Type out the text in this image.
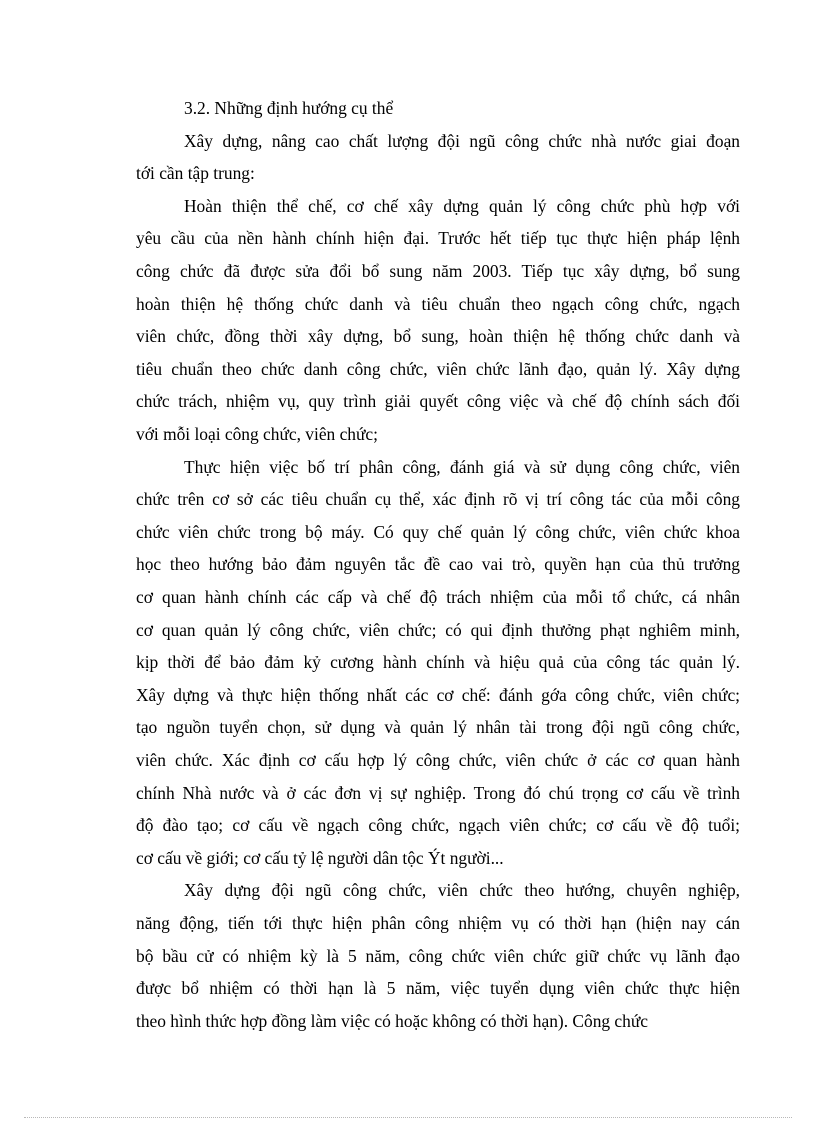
3.2. Những định hướng cụ thể
Xây dựng, nâng cao chất lượng đội ngũ công chức nhà nước giai đoạn
tới cần tập trung:
Hoàn thiện thể chế, cơ chế xây dựng quản lý công chức phù hợp với
yêu cầu của nền hành chính hiện đại. Trước hết tiếp tục thực hiện pháp lệnh
công chức đã được sửa đổi bổ sung năm 2003. Tiếp tục xây dựng, bổ sung
hoàn thiện hệ thống chức danh và tiêu chuẩn theo ngạch công chức, ngạch
viên chức, đồng thời xây dựng, bổ sung, hoàn thiện hệ thống chức danh và
tiêu chuẩn theo chức danh công chức, viên chức lãnh đạo, quản lý. Xây dựng
chức trách, nhiệm vụ, quy trình giải quyết công việc và chế độ chính sách đối
với mỗi loại công chức, viên chức;
Thực hiện việc bố trí phân công, đánh giá và sử dụng công chức, viên
chức trên cơ sở các tiêu chuẩn cụ thể, xác định rõ vị trí công tác của mỗi công
chức viên chức trong bộ máy. Có quy chế quản lý công chức, viên chức khoa
học theo hướng bảo đảm nguyên tắc đề cao vai trò, quyền hạn của thủ trưởng
cơ quan hành chính các cấp và chế độ trách nhiệm của mỗi tổ chức, cá nhân
cơ quan quản lý công chức, viên chức; có qui định thưởng phạt nghiêm minh,
kịp thời để bảo đảm kỷ cương hành chính và hiệu quả của công tác quản lý.
Xây dựng và thực hiện thống nhất các cơ chế: đánh gớa công chức, viên chức;
tạo nguồn tuyển chọn, sử dụng và quản lý nhân tài trong đội ngũ công chức,
viên chức. Xác định cơ cấu hợp lý công chức, viên chức ở các cơ quan hành
chính Nhà nước và ở các đơn vị sự nghiệp. Trong đó chú trọng cơ cấu về trình
độ đào tạo; cơ cấu về ngạch công chức, ngạch viên chức; cơ cấu về độ tuổi;
cơ cấu về giới; cơ cấu tỷ lệ người dân tộc Ýt người...
Xây dựng đội ngũ công chức, viên chức theo hướng, chuyên nghiệp,
năng động, tiến tới thực hiện phân công nhiệm vụ có thời hạn (hiện nay cán
bộ bầu cử có nhiệm kỳ là 5 năm, công chức viên chức giữ chức vụ lãnh đạo
được bổ nhiệm có thời hạn là 5 năm, việc tuyển dụng viên chức thực hiện
theo hình thức hợp đồng làm việc có hoặc không có thời hạn). Công chức
